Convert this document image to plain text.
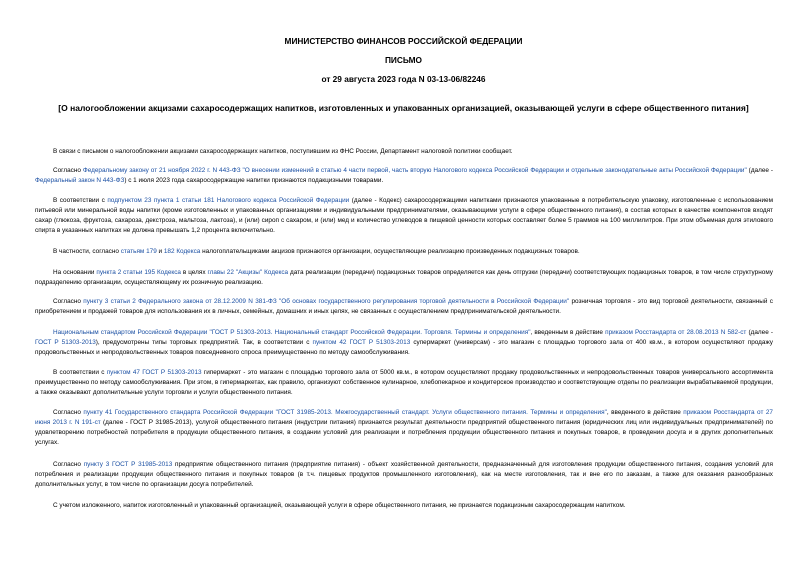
МИНИСТЕРСТВО ФИНАНСОВ РОССИЙСКОЙ ФЕДЕРАЦИИ
ПИСЬМО
от 29 августа 2023 года N 03-13-06/82246
[О налогообложении акцизами сахаросодержащих напитков, изготовленных и упакованных организацией, оказывающей услуги в сфере общественного питания]

В связи с письмом о налогообложении акцизами сахаросодержащих напитков, поступившим из ФНС России, Департамент налоговой политики сообщает.

Согласно Федеральному закону от 21 ноября 2022 г. N 443-ФЗ "О внесении изменений в статью 4 части первой, часть вторую Налогового кодекса Российской Федерации и отдельные законодательные акты Российской Федерации" (далее - Федеральный закон N 443-ФЗ) с 1 июля 2023 года сахаросодержащие напитки признаются подакцизными товарами.

В соответствии с подпунктом 23 пункта 1 статьи 181 Налогового кодекса Российской Федерации (далее - Кодекс) сахаросодержащими напитками признаются упакованные в потребительскую упаковку, изготовленные с использованием питьевой или минеральной воды напитки (кроме изготовленных и упакованных организациями и индивидуальными предпринимателями, оказывающими услуги в сфере общественного питания), в состав которых в качестве компонентов входят сахар (глюкоза, фруктоза, сахароза, декстроза, мальтоза, лактоза), и (или) сироп с сахаром, и (или) мед и количество углеводов в пищевой ценности которых составляет более 5 граммов на 100 миллилитров. При этом объемная доля этилового спирта в указанных напитках не должна превышать 1,2 процента включительно.

В частности, согласно статьям 179 и 182 Кодекса налогоплательщиками акцизов признаются организации, осуществляющие реализацию произведенных подакцизных товаров.

На основании пункта 2 статьи 195 Кодекса в целях главы 22 "Акцизы" Кодекса дата реализации (передачи) подакцизных товаров определяется как день отгрузки (передачи) соответствующих подакцизных товаров, в том числе структурному подразделению организации, осуществляющему их розничную реализацию.

Согласно пункту 3 статьи 2 Федерального закона от 28.12.2009 N 381-ФЗ "Об основах государственного регулирования торговой деятельности в Российской Федерации" розничная торговля - это вид торговой деятельности, связанный с приобретением и продажей товаров для использования их в личных, семейных, домашних и иных целях, не связанных с осуществлением предпринимательской деятельности.

Национальным стандартом Российской Федерации "ГОСТ Р 51303-2013. Национальный стандарт Российской Федерации. Торговля. Термины и определения", введенным в действие приказом Росстандарта от 28.08.2013 N 582-ст (далее - ГОСТ Р 51303-2013), предусмотрены типы торговых предприятий. Так, в соответствии с пунктом 42 ГОСТ Р 51303-2013 супермаркет (универсам) - это магазин с площадью торгового зала от 400 кв.м., в котором осуществляют продажу продовольственных и непродовольственных товаров повседневного спроса преимущественно по методу самообслуживания.

В соответствии с пунктом 47 ГОСТ Р 51303-2013 гипермаркет - это магазин с площадью торгового зала от 5000 кв.м., в котором осуществляют продажу продовольственных и непродовольственных товаров универсального ассортимента преимущественно по методу самообслуживания. При этом, в гипермаркетах, как правило, организуют собственное кулинарное, хлебопекарное и кондитерское производство и соответствующие отделы по реализации вырабатываемой продукции, а также оказывают дополнительные услуги торговли и услуги общественного питания.

Согласно пункту 41 Государственного стандарта Российской Федерации "ГОСТ 31985-2013. Межгосударственный стандарт. Услуги общественного питания. Термины и определения", введенного в действие приказом Росстандарта от 27 июня 2013 г. N 191-ст (далее - ГОСТ Р 31985-2013), услугой общественного питания (индустрии питания) признается результат деятельности предприятий общественного питания (юридических лиц или индивидуальных предпринимателей) по удовлетворению потребностей потребителя в продукции общественного питания, в создании условий для реализации и потребления продукции общественного питания и покупных товаров, в проведении досуга и в других дополнительных услугах.

Согласно пункту 3 ГОСТ Р 31985-2013 предприятие общественного питания (предприятие питания) - объект хозяйственной деятельности, предназначенный для изготовления продукции общественного питания, создания условий для потребления и реализации продукции общественного питания и покупных товаров (в т.ч. пищевых продуктов промышленного изготовления), как на месте изготовления, так и вне его по заказам, а также для оказания разнообразных дополнительных услуг, в том числе по организации досуга потребителей.

С учетом изложенного, напиток изготовленный и упакованный организацией, оказывающей услуги в сфере общественного питания, не признается подакцизным сахаросодержащим напитком.
